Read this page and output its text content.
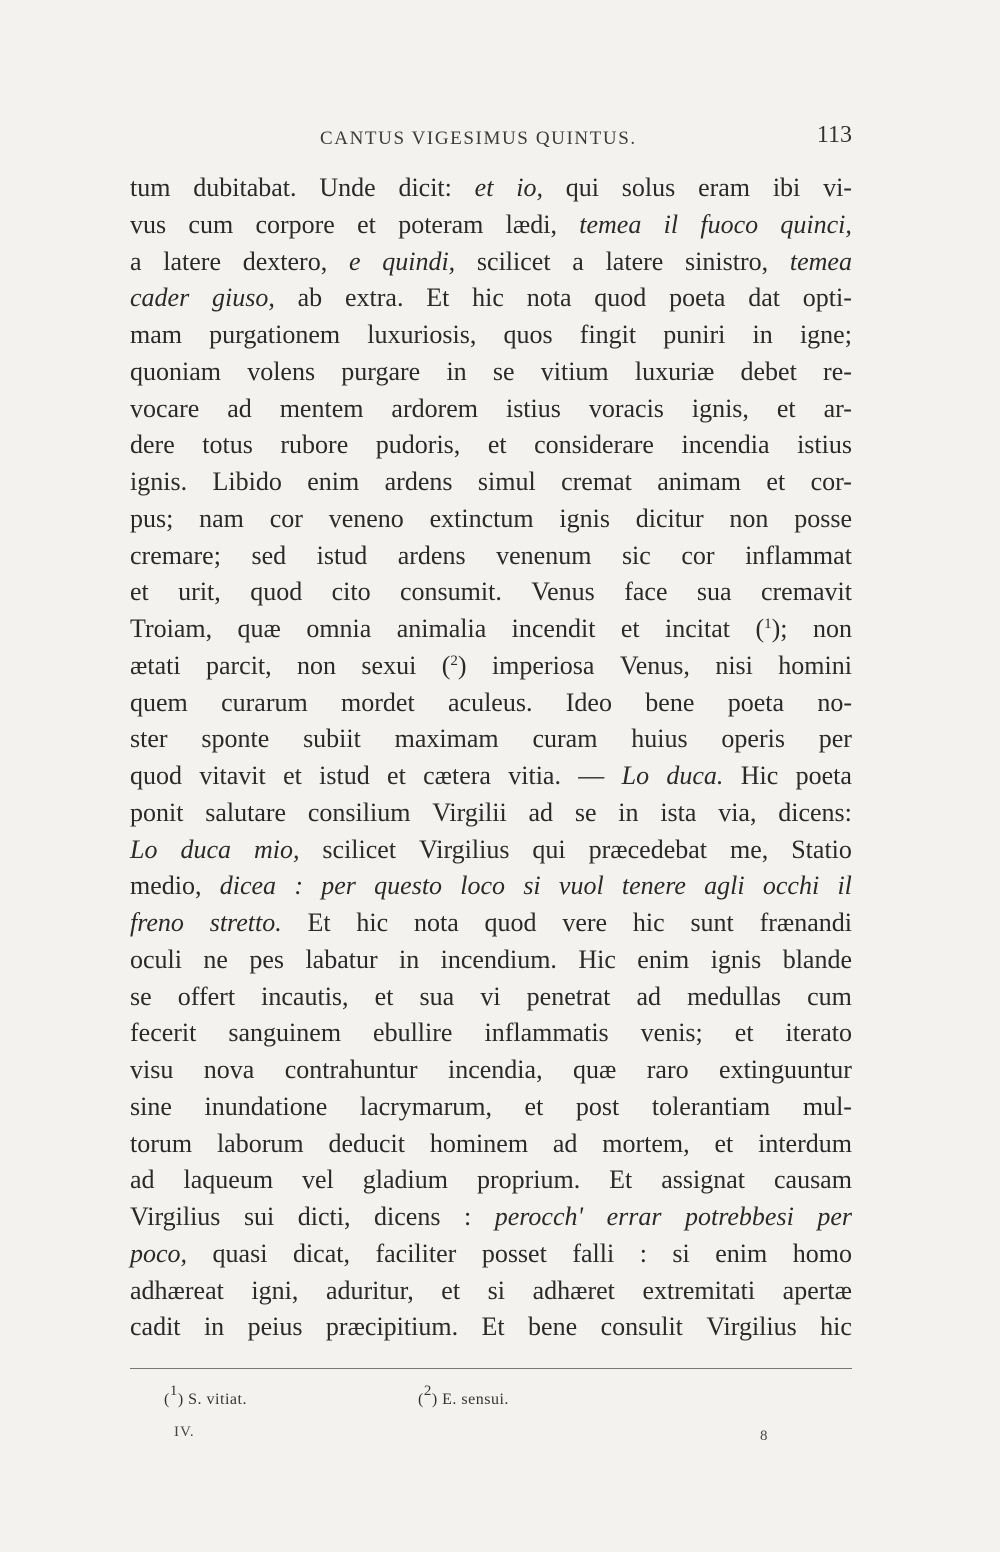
CANTUS VIGESIMUS QUINTUS.	113
tum dubitabat. Unde dicit: et io, qui solus eram ibi vi-
vus cum corpore et poteram lædi, temea il fuoco quinci,
a latere dextero, e quindi, scilicet a latere sinistro, temea
cader giuso, ab extra. Et hic nota quod poeta dat opti-
mam purgationem luxuriosis, quos fingit puniri in igne;
quoniam volens purgare in se vitium luxuriæ debet re-
vocare ad mentem ardorem istius voracis ignis, et ar-
dere totus rubore pudoris, et considerare incendia istius
ignis. Libido enim ardens simul cremat animam et cor-
pus; nam cor veneno extinctum ignis dicitur non posse
cremare; sed istud ardens venenum sic cor inflammat
et urit, quod cito consumit. Venus face sua cremavit
Troiam, quæ omnia animalia incendit et incitat ($^1$); non
ætati parcit, non sexui ($^2$) imperiosa Venus, nisi homini
quem curarum mordet aculeus. Ideo bene poeta no-
ster sponte subiit maximam curam huius operis per
quod vitavit et istud et cætera vitia. — Lo duca. Hic poeta
ponit salutare consilium Virgilii ad se in ista via, dicens:
Lo duca mio, scilicet Virgilius qui præcedebat me, Statio
medio, dicea : per questo loco si vuol tenere agli occhi il
freno stretto. Et hic nota quod vere hic sunt frænandi
oculi ne pes labatur in incendium. Hic enim ignis blande
se offert incautis, et sua vi penetrat ad medullas cum
fecerit sanguinem ebullire inflammatis venis; et iterato
visu nova contrahuntur incendia, quæ raro extinguuntur
sine inundatione lacrymarum, et post tolerantiam mul-
torum laborum deducit hominem ad mortem, et interdum
ad laqueum vel gladium proprium. Et assignat causam
Virgilius sui dicti, dicens : perocch' errar potrebbesi per
poco, quasi dicat, faciliter posset falli : si enim homo
adhæreat igni, aduritur, et si adhæret extremitati apertæ
cadit in peius præcipitium. Et bene consulit Virgilius hic
($^1$) S. vitiat.	($^2$) E. sensui.
IV.	8
